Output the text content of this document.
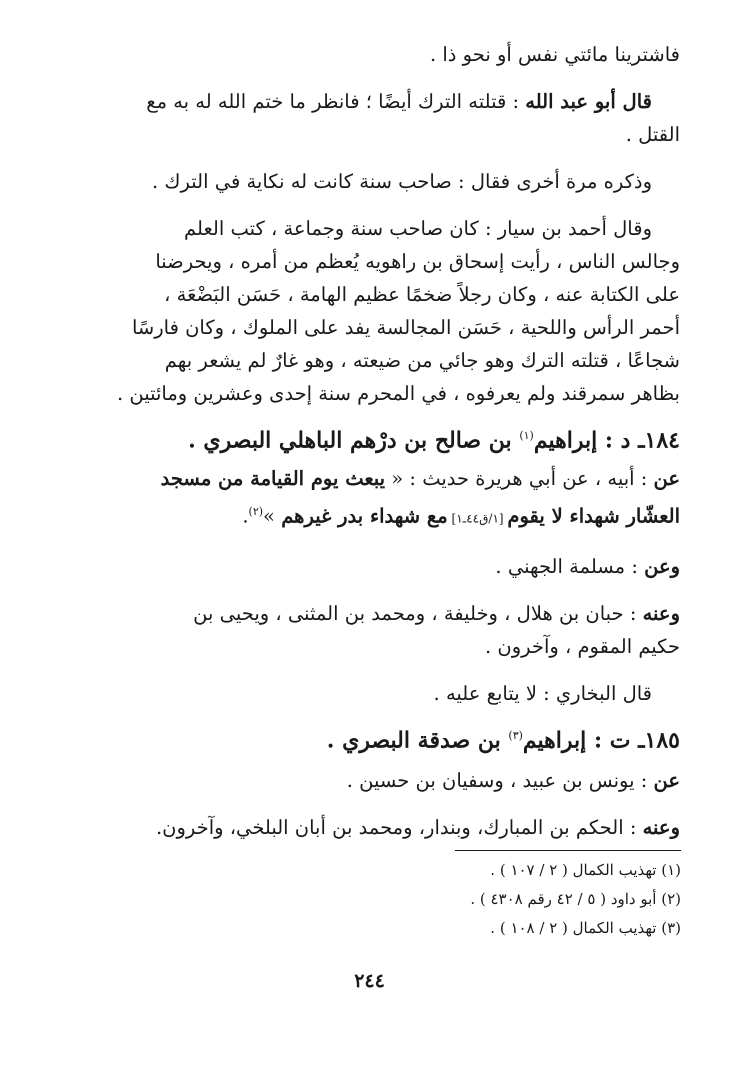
فاشترينا مائتي نفس أو نحو ذا .
قال أبو عبد الله : قتلته الترك أيضًا ؛ فانظر ما ختم الله له به مع
القتل .
وذكره مرة أخرى فقال : صاحب سنة كانت له نكاية في الترك .
وقال أحمد بن سيار : كان صاحب سنة وجماعة ، كتب العلم
وجالس الناس ، رأيت إسحاق بن راهويه يُعظم من أمره ، ويحرضنا
على الكتابة عنه ، وكان رجلاً ضخمًا عظيم الهامة ، حَسَن البَضْعَة ،
أحمر الرأس واللحية ، حَسَن المجالسة يفد على الملوك ، وكان فارسًا
شجاعًا ، قتلته الترك وهو جائي من ضيعته ، وهو غارٌ لم يشعر بهم
بظاهر سمرقند ولم يعرفوه ، في المحرم سنة إحدى وعشرين ومائتين .
١٨٤ـ د : إبراهيم$^{(١)}$ بن صالح بن درْهم الباهلي البصري .
عن : أبيه ، عن أبي هريرة حديث : « يبعث يوم القيامة من مسجد
العشّار شهداء لا يقوم [١/ق٤٤ـ١] مع شهداء بدر غيرهم »$^{(٢)}$.
وعن : مسلمة الجهني .
وعنه : حبان بن هلال ، وخليفة ، ومحمد بن المثنى ، ويحيى بن
حكيم المقوم ، وآخرون .
قال البخاري : لا يتابع عليه .
١٨٥ـ ت : إبراهيم$^{(٣)}$ بن صدقة البصري .
عن : يونس بن عبيد ، وسفيان بن حسين .
وعنه : الحكم بن المبارك، وبندار، ومحمد بن أبان البلخي، وآخرون.
(١) تهذيب الكمال ( ٢ / ١٠٧ ) .
(٢) أبو داود ( ٥ / ٤٢ رقم ٤٣٠٨ ) .
(٣) تهذيب الكمال ( ٢ / ١٠٨ ) .
٢٤٤
